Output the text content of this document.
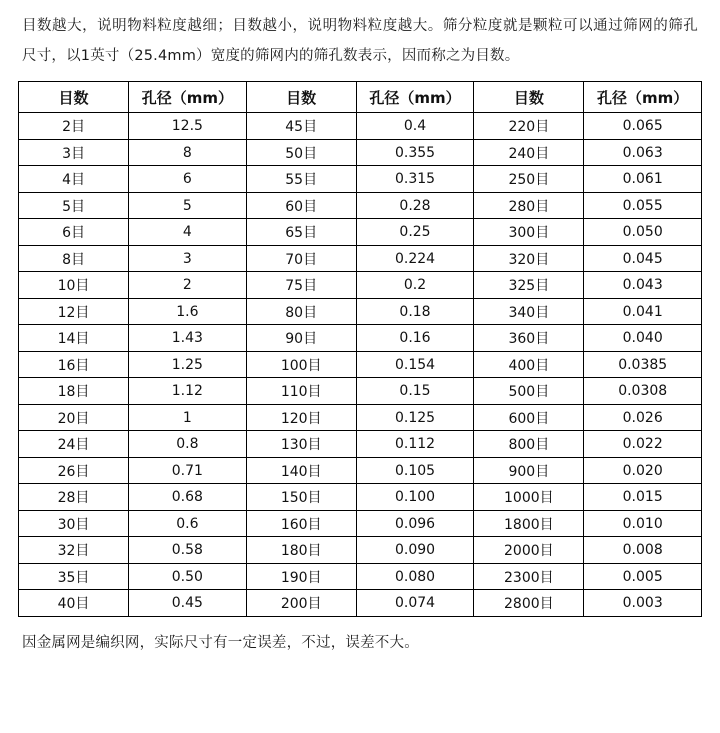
目数越大，说明物料粒度越细；目数越小，说明物料粒度越大。筛分粒度就是颗粒可以通过筛网的筛孔尺寸，以1英寸（25.4mm）宽度的筛网内的筛孔数表示，因而称之为目数。

目数	孔径（mm）	目数	孔径（mm）	目数	孔径（mm）
2目	12.5	45目	0.4	220目	0.065
3目	8	50目	0.355	240目	0.063
4目	6	55目	0.315	250目	0.061
5目	5	60目	0.28	280目	0.055
6目	4	65目	0.25	300目	0.050
8目	3	70目	0.224	320目	0.045
10目	2	75目	0.2	325目	0.043
12目	1.6	80目	0.18	340目	0.041
14目	1.43	90目	0.16	360目	0.040
16目	1.25	100目	0.154	400目	0.0385
18目	1.12	110目	0.15	500目	0.0308
20目	1	120目	0.125	600目	0.026
24目	0.8	130目	0.112	800目	0.022
26目	0.71	140目	0.105	900目	0.020
28目	0.68	150目	0.100	1000目	0.015
30目	0.6	160目	0.096	1800目	0.010
32目	0.58	180目	0.090	2000目	0.008
35目	0.50	190目	0.080	2300目	0.005
40目	0.45	200目	0.074	2800目	0.003
因金属网是编织网，实际尺寸有一定误差，不过，误差不大。
